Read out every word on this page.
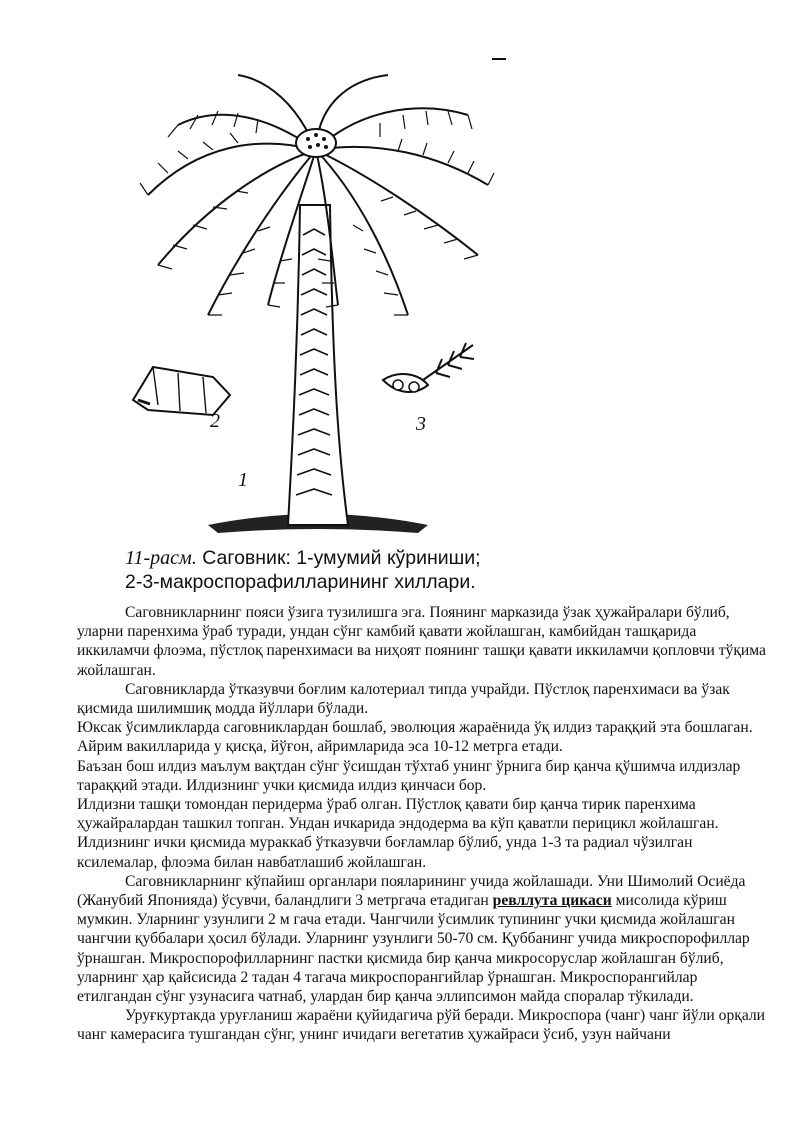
2	3
1
11-расм. Саговник: 1-умумий кўриниши;
2-3-макроспорафилларининг хиллари.

Саговникларнинг пояси ўзига тузилишга эга. Поянинг марказида ўзак ҳужайралари бўлиб, уларни паренхима ўраб туради, ундан сўнг камбий қавати жойлашган, камбийдан ташқарида иккиламчи флоэма, пўстлоқ паренхимаси ва ниҳоят поянинг ташқи қавати иккиламчи қопловчи тўқима жойлашган.

Саговникларда ўтказувчи боғлим калотериал типда учрайди. Пўстлоқ паренхимаси ва ўзак қисмида шилимшиқ модда йўллари бўлади.

Юксак ўсимликларда саговниклардан бошлаб, эволюция жараёнида ўқ илдиз тараққий эта бошлаган. Айрим вакилларида у қисқа, йўғон, айримларида эса 10-12 метрга етади.

Баъзан бош илдиз маълум вақтдан сўнг ўсишдан тўхтаб унинг ўрнига бир қанча қўшимча илдизлар тараққий этади. Илдизнинг учки қисмида илдиз қинчаси бор.

Илдизни ташқи томондан перидерма ўраб олган. Пўстлоқ қавати бир қанча тирик паренхима ҳужайралардан ташкил топган. Ундан ичкарида эндодерма ва кўп қаватли перицикл жойлашган. Илдизнинг ички қисмида мураккаб ўтказувчи боғламлар бўлиб, унда 1-3 та радиал чўзилган ксилемалар, флоэма билан навбатлашиб жойлашган.

Саговникларнинг кўпайиш органлари пояларининг учида жойлашади. Уни Шимолий Осиёда (Жанубий Японияда) ўсувчи, баландлиги 3 метргача етадиган ревллута цикаси мисолида кўриш мумкин. Уларнинг узунлиги 2 м гача етади. Чангчили ўсимлик тупининг учки қисмида жойлашган чангчии қуббалари ҳосил бўлади. Уларнинг узунлиги 50-70 см. Қуббанинг учида микроспорофиллар ўрнашган. Микроспорофилларнинг пастки қисмида бир қанча микросоруслар жойлашган бўлиб, уларнинг ҳар қайсисида 2 тадан 4 тагача микроспорангийлар ўрнашган. Микроспорангийлар етилгандан сўнг узунасига чатнаб, улардан бир қанча эллипсимон майда споралар тўкилади.

Уруғкуртакда уруғланиш жараёни қуйидагича рўй беради. Микроспора (чанг) чанг йўли орқали чанг камерасига тушгандан сўнг, унинг ичидаги вегетатив ҳужайраси ўсиб, узун найчани
